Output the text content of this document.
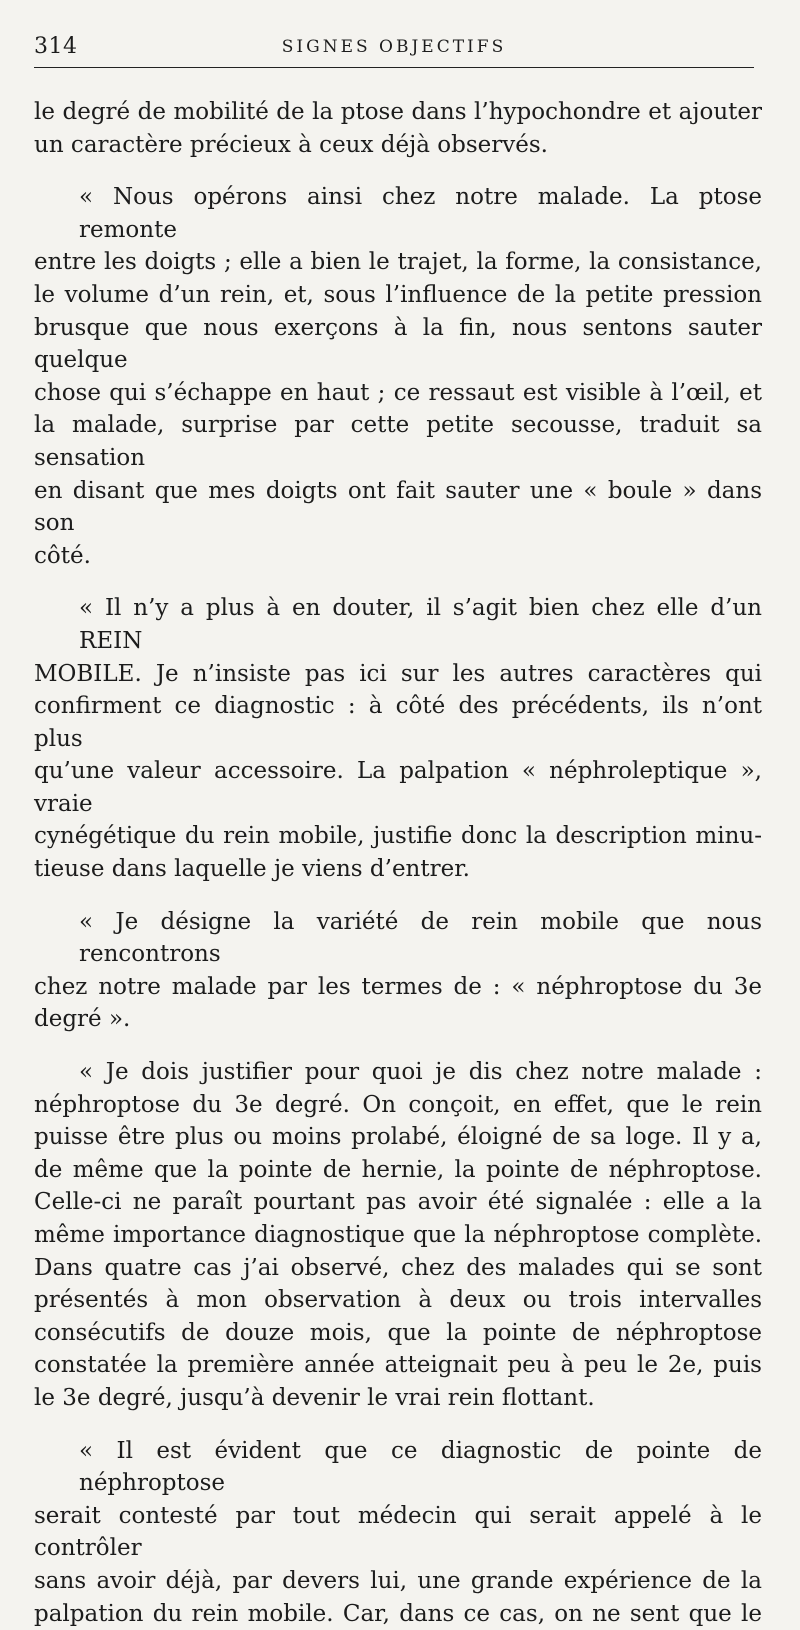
314	SIGNES OBJECTIFS
le degré de mobilité de la ptose dans l’hypochondre et ajouter
un caractère précieux à ceux déjà observés.
« Nous opérons ainsi chez notre malade. La ptose remonte
entre les doigts ; elle a bien le trajet, la forme, la consistance,
le volume d’un rein, et, sous l’influence de la petite pression
brusque que nous exerçons à la fin, nous sentons sauter quelque
chose qui s’échappe en haut ; ce ressaut est visible à l’œil, et
la malade, surprise par cette petite secousse, traduit sa sensation
en disant que mes doigts ont fait sauter une « boule » dans son
côté.
« Il n’y a plus à en douter, il s’agit bien chez elle d’un REIN
MOBILE. Je n’insiste pas ici sur les autres caractères qui
confirment ce diagnostic : à côté des précédents, ils n’ont plus
qu’une valeur accessoire. La palpation « néphroleptique », vraie
cynégétique du rein mobile, justifie donc la description minu-
tieuse dans laquelle je viens d’entrer.
« Je désigne la variété de rein mobile que nous rencontrons
chez notre malade par les termes de : « néphroptose du 3e degré ».
« Je dois justifier pour quoi je dis chez notre malade :
néphroptose du 3e degré. On conçoit, en effet, que le rein
puisse être plus ou moins prolabé, éloigné de sa loge. Il y a,
de même que la pointe de hernie, la pointe de néphroptose.
Celle-ci ne paraît pourtant pas avoir été signalée : elle a la
même importance diagnostique que la néphroptose complète.
Dans quatre cas j’ai observé, chez des malades qui se sont
présentés à mon observation à deux ou trois intervalles
consécutifs de douze mois, que la pointe de néphroptose
constatée la première année atteignait peu à peu le 2e, puis
le 3e degré, jusqu’à devenir le vrai rein flottant.
« Il est évident que ce diagnostic de pointe de néphroptose
serait contesté par tout médecin qui serait appelé à le contrôler
sans avoir déjà, par devers lui, une grande expérience de la
palpation du rein mobile. Car, dans ce cas, on ne sent que le
